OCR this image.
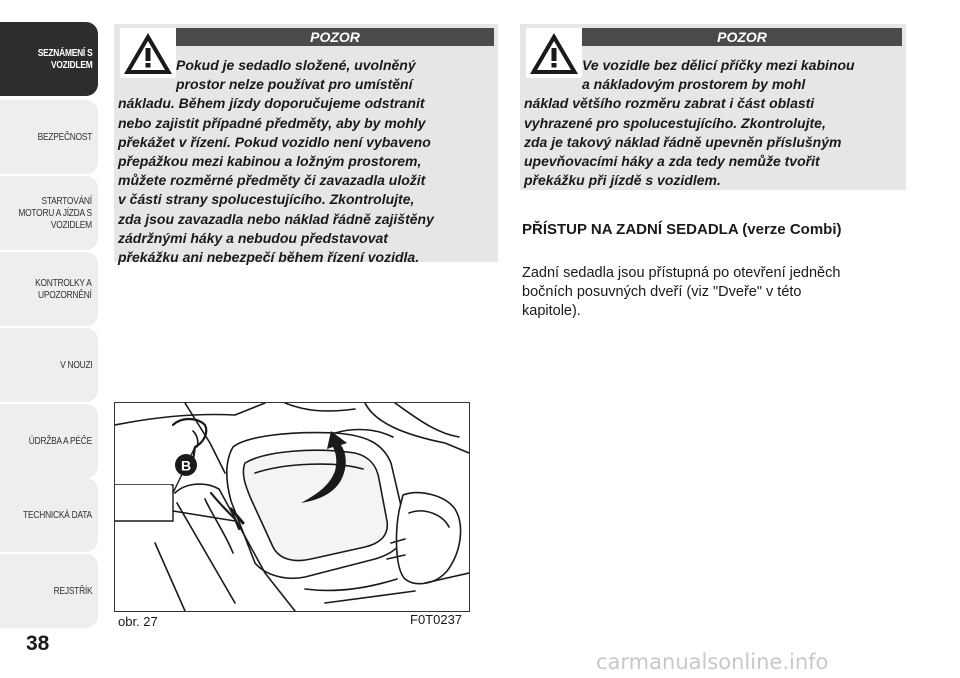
SEZNÁMENÍ S
VOZIDLEM
BEZPEČNOST
STARTOVÁNÍ
MOTORU A JÍZDA S
VOZIDLEM
KONTROLKY A
UPOZORNĚNÍ
V NOUZI
ÚDRŽBA A PÉČE
TECHNICKÁ DATA
REJSTŘÍK
38
POZOR
Pokud je sedadlo složené, uvolněný
prostor nelze používat pro umístění
nákladu. Během jízdy doporučujeme odstranit
nebo zajistit případné předměty, aby by mohly
překážet v řízení. Pokud vozidlo není vybaveno
přepážkou mezi kabinou a ložným prostorem,
můžete rozměrné předměty či zavazadla uložit
v části strany spolucestujícího. Zkontrolujte,
zda jsou zavazadla nebo náklad řádně zajištěny
zádržnými háky a nebudou představovat
překážku ani nebezpečí během řízení vozidla.
POZOR
Ve vozidle bez dělicí příčky mezi kabinou
a nákladovým prostorem by mohl
náklad většího rozměru zabrat i část oblasti
vyhrazené pro spolucestujícího. Zkontrolujte,
zda je takový náklad řádně upevněn příslušným
upevňovacími háky a zda tedy nemůže tvořit
překážku při jízdě s vozidlem.
PŘÍSTUP NA ZADNÍ SEDADLA (verze Combi)
Zadní sedadla jsou přístupná po otevření jedněch
bočních posuvných dveří (viz "Dveře" v této
kapitole).
B
obr. 27	F0T0237
carmanualsonline.info
